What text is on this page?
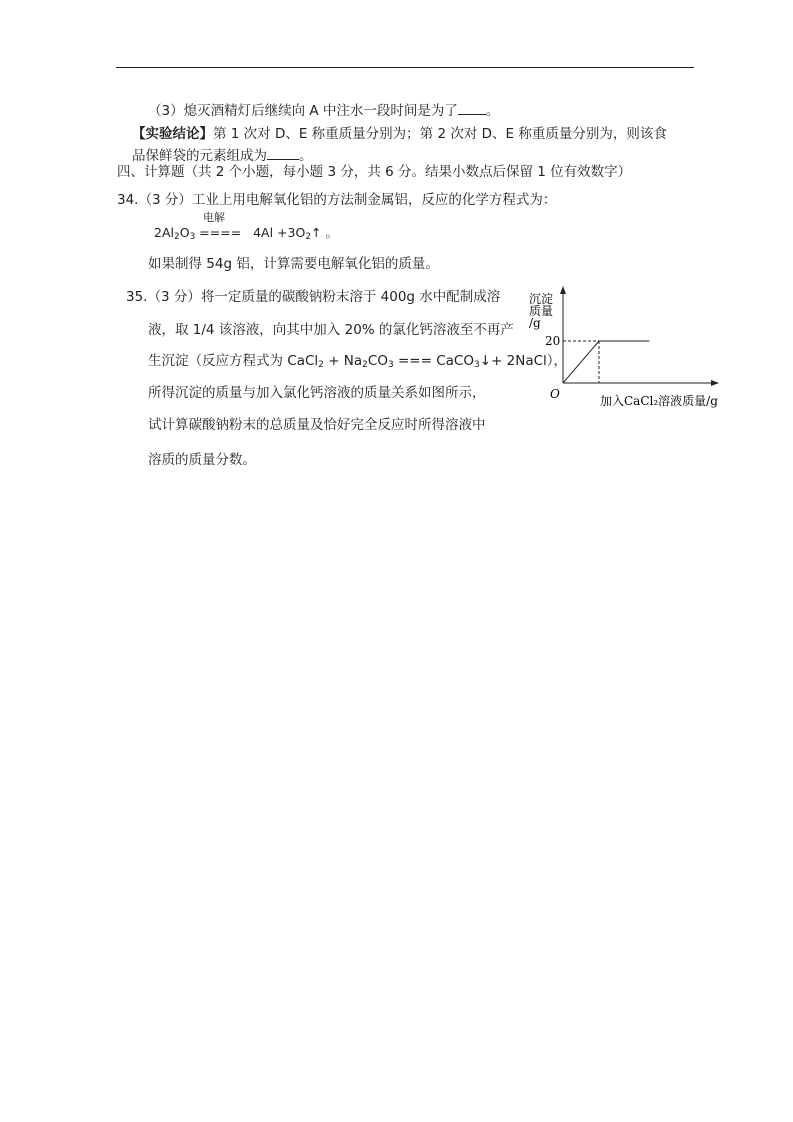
（3）熄灭酒精灯后继续向 A 中注水一段时间是为了 。
【实验结论】第 1 次对 D、E 称重质量分别为；第 2 次对 D、E 称重质量分别为，则该食
品保鲜袋的元素组成为 。
四、计算题（共 2 个小题，每小题 3 分，共 6 分。结果小数点后保留 1 位有效数字）
34.（3 分）工业上用电解氧化铝的方法制金属铝，反应的化学方程式为：
电解
$2Al_2O_3$ ==== $4Al +3O_2↑$ 。
如果制得 54g 铝，计算需要电解氧化铝的质量。
35.（3 分）将一定质量的碳酸钠粉末溶于 400g 水中配制成溶
液，取 1/4 该溶液，向其中加入 20% 的氯化钙溶液至不再产
生沉淀（反应方程式为 CaCl$_2$ + $Na_2CO_3$ === CaCO$_3$↓+ 2NaCl），
所得沉淀的质量与加入氯化钙溶液的质量关系如图所示，
试计算碳酸钠粉末的总质量及恰好完全反应时所得溶液中
溶质的质量分数。
沉淀
质量
/g
O	加入CaCl₂溶液质量/g
20
